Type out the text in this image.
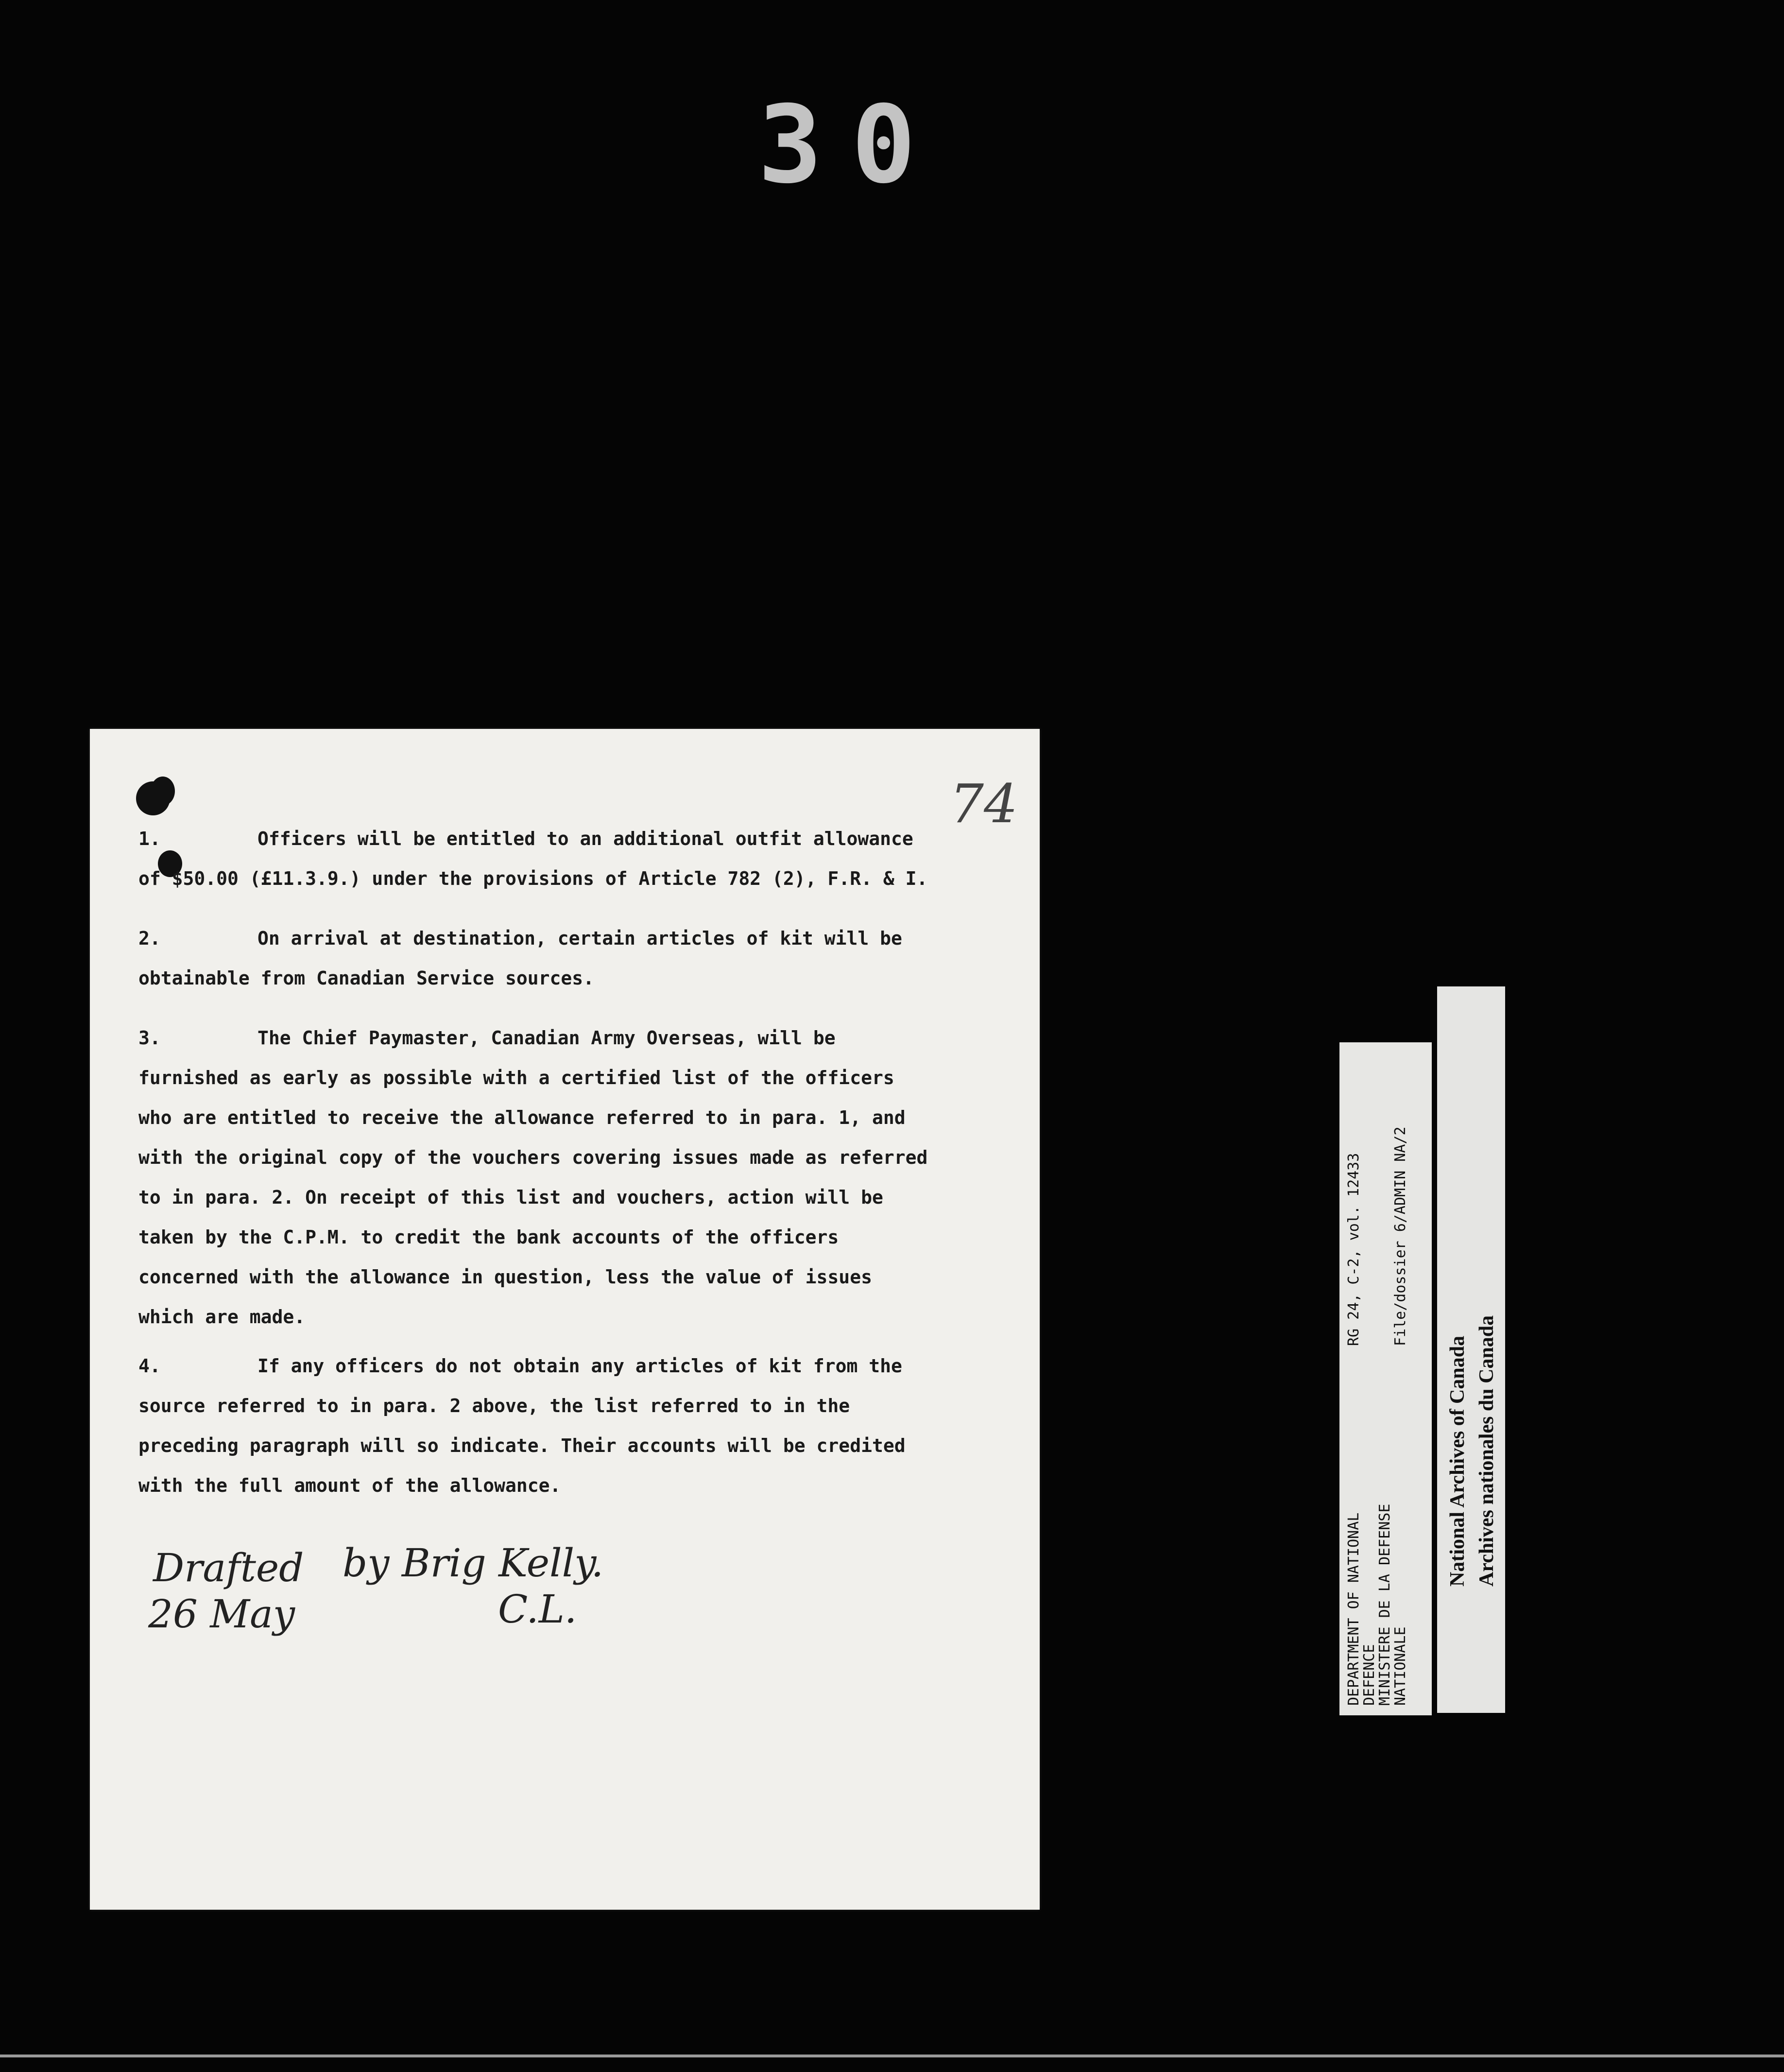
30
74
1.	Officers will be entitled to an additional outfit allowance
of $50.00 (£11.3.9.) under the provisions of Article 782 (2), F.R. & I.
2.	On arrival at destination, certain articles of kit will be
obtainable from Canadian Service sources.
3.	The Chief Paymaster, Canadian Army Overseas, will be
furnished as early as possible with a certified list of the officers
who are entitled to receive the allowance referred to in para. 1, and
with the original copy of the vouchers covering issues made as referred
to in para. 2. On receipt of this list and vouchers, action will be
taken by the C.P.M. to credit the bank accounts of the officers
concerned with the allowance in question, less the value of issues
which are made.
4.	If any officers do not obtain any articles of kit from the
source referred to in para. 2 above, the list referred to in the
preceding paragraph will so indicate. Their accounts will be credited
with the full amount of the allowance.
Drafted by Brig Kelly.
26 May	C.L.	DEPARTMENT OF NATIONAL
DEFENCE
MINISTERE DE LA DEFENSE
NATIONALE
RG 24, C-2, vol. 12433 File/dossier 6/ADMIN NA/2
National Archives of Canada Archives nationales du Canada
